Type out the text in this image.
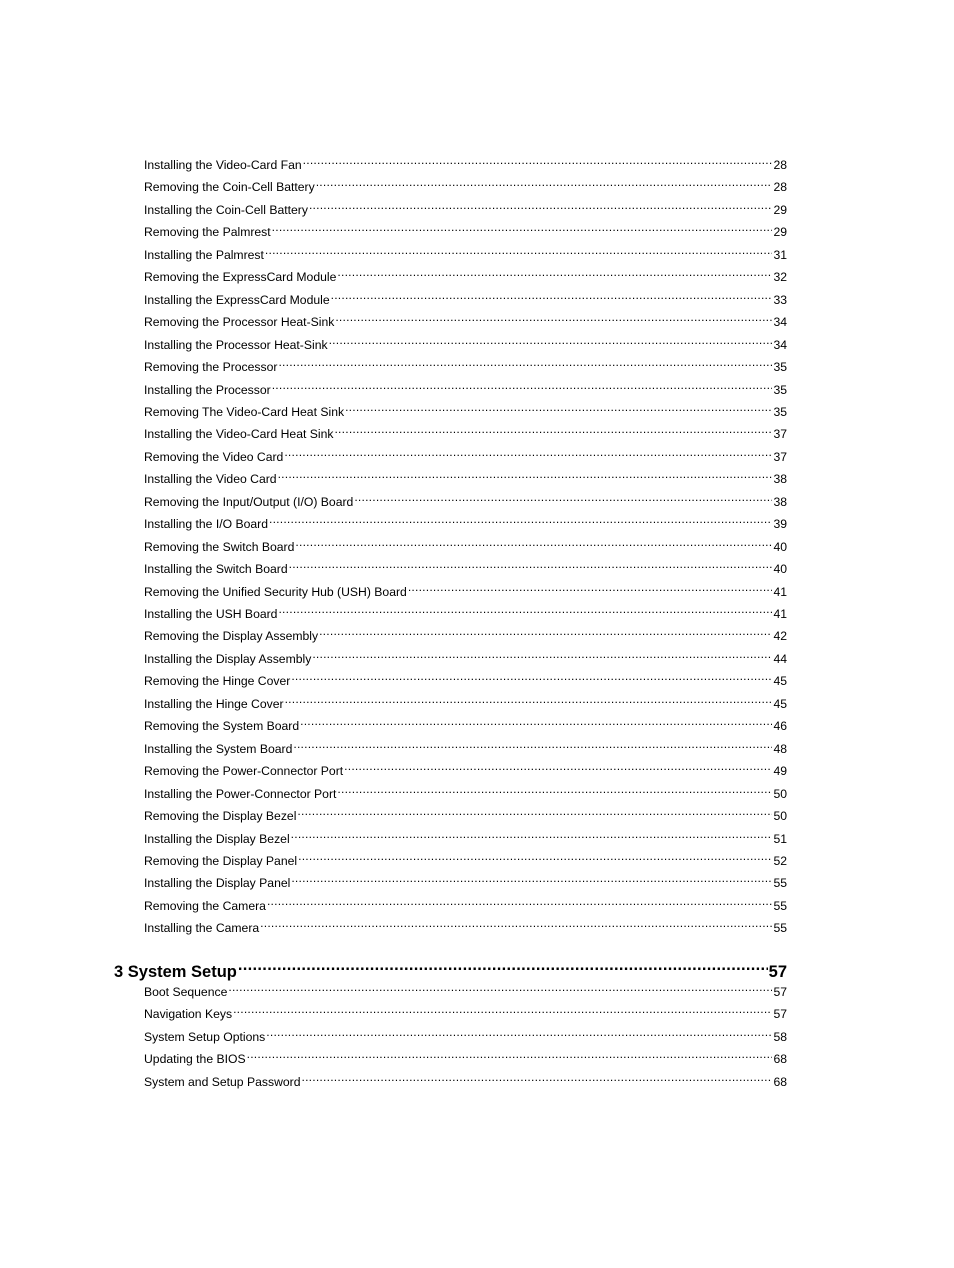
Installing the Video-Card Fan .....	28
Removing the Coin-Cell Battery .....	28
Installing the Coin-Cell Battery .....	29
Removing the Palmrest .....	29
Installing the Palmrest .....	31
Removing the ExpressCard Module .....	32
Installing the ExpressCard Module .....	33
Removing the Processor Heat-Sink .....	34
Installing the Processor Heat-Sink .....	34
Removing the Processor .....	35
Installing the Processor .....	35
Removing The Video-Card Heat Sink .....	35
Installing the Video-Card Heat Sink .....	37
Removing the Video Card .....	37
Installing the Video Card .....	38
Removing the Input/Output (I/O) Board .....	38
Installing the I/O Board .....	39
Removing the Switch Board .....	40
Installing the Switch Board .....	40
Removing the Unified Security Hub (USH) Board .....	41
Installing the USH Board .....	41
Removing the Display Assembly .....	42
Installing the Display Assembly .....	44
Removing the Hinge Cover .....	45
Installing the Hinge Cover .....	45
Removing the System Board .....	46
Installing the System Board .....	48
Removing the Power-Connector Port .....	49
Installing the Power-Connector Port .....	50
Removing the Display Bezel .....	50
Installing the Display Bezel .....	51
Removing the Display Panel .....	52
Installing the Display Panel .....	55
Removing the Camera .....	55
Installing the Camera .....	55
3 System Setup .....	57
Boot Sequence .....	57
Navigation Keys .....	57
System Setup Options .....	58
Updating the BIOS .....	68
System and Setup Password .....	68
